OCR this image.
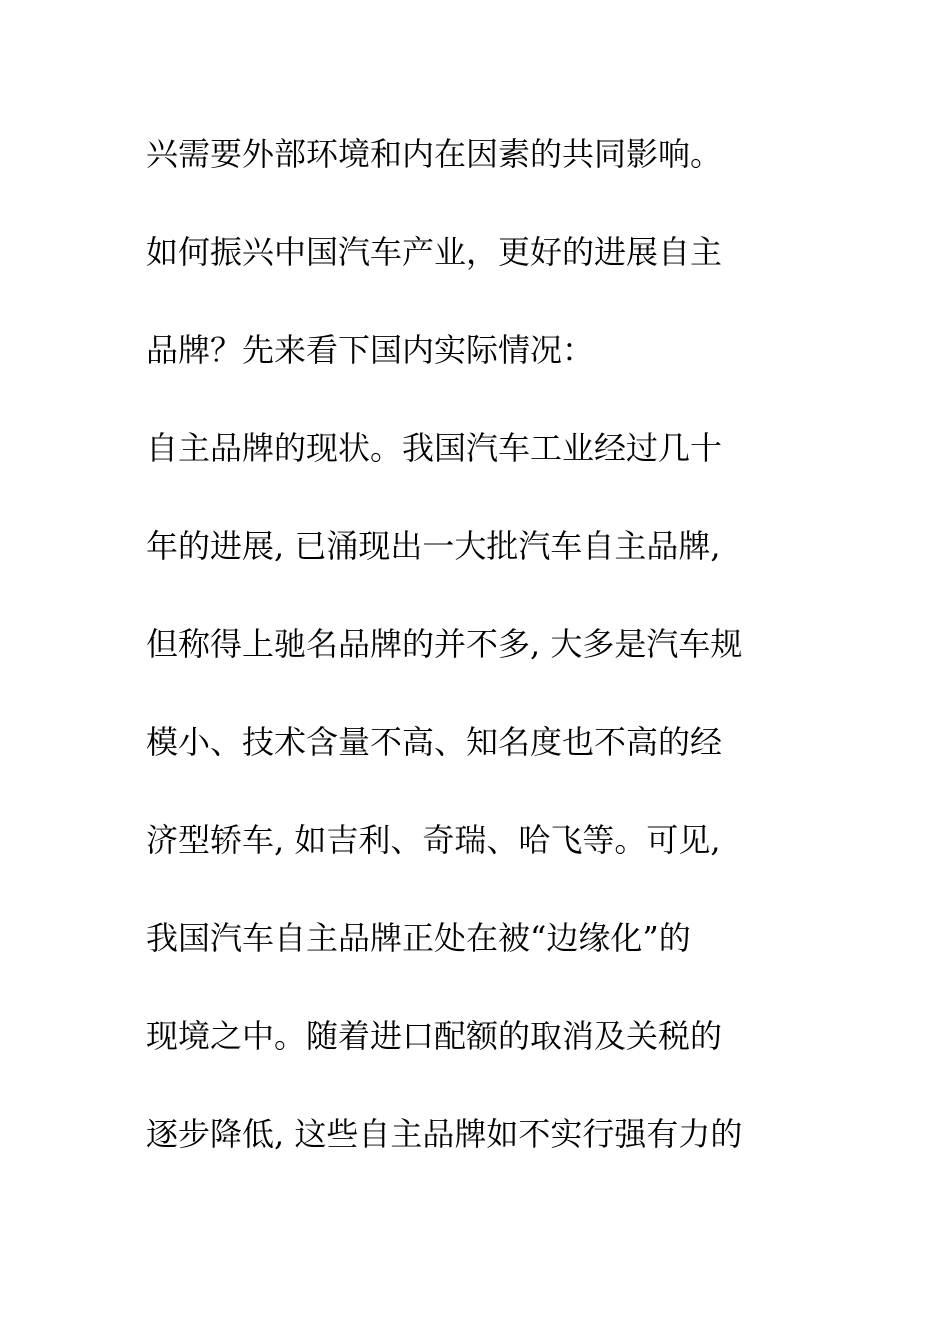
兴需要外部环境和内在因素的共同影响。
如何振兴中国汽车产业，更好的进展自主
品牌？先来看下国内实际情况：
自主品牌的现状。我国汽车工业经过几十
年的进展, 已涌现出一大批汽车自主品牌,
但称得上驰名品牌的并不多, 大多是汽车规
模小、技术含量不高、知名度也不高的经
济型轿车, 如吉利、奇瑞、哈飞等。可见,
我国汽车自主品牌正处在被“边缘化”的
现境之中。随着进口配额的取消及关税的
逐步降低, 这些自主品牌如不实行强有力的
